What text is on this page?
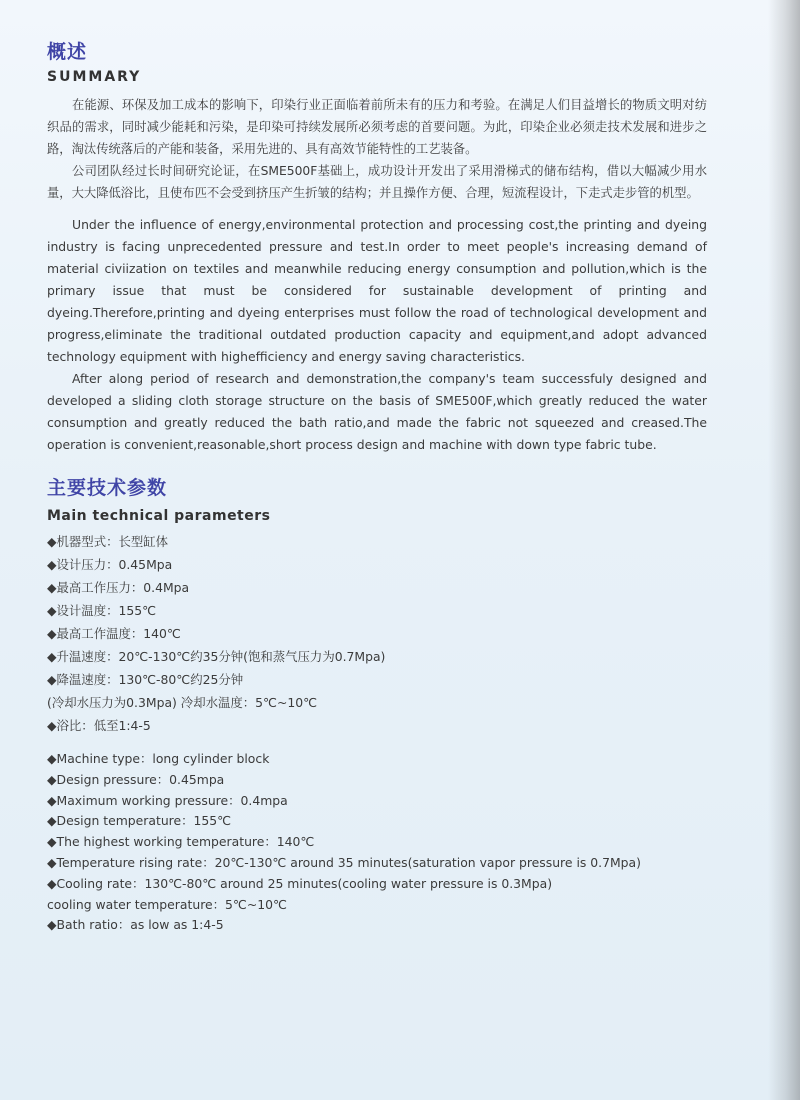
概述
SUMMARY

在能源、环保及加工成本的影响下，印染行业正面临着前所未有的压力和考验。在满足人们目益增长的物质文明对纺织品的需求，同时减少能耗和污染，是印染可持续发展所必须考虑的首要问题。为此，印染企业必须走技术发展和进步之路，淘汰传统落后的产能和装备，采用先进的、具有高效节能特性的工艺装备。

公司团队经过长时间研究论证，在SME500F基础上，成功设计开发出了采用滑梯式的储布结构，借以大幅减少用水量，大大降低浴比，且使布匹不会受到挤压产生折皱的结构；并且操作方便、合理，短流程设计，下走式走步管的机型。

Under the influence of energy,environmental protection and processing cost,the printing and dyeing industry is facing unprecedented pressure and test.In order to meet people's increasing demand of material civiization on textiles and meanwhile reducing energy consumption and pollution,which is the primary issue that must be considered for sustainable development of printing and dyeing.Therefore,printing and dyeing enterprises must follow the road of technological development and progress,eliminate the traditional outdated production capacity and equipment,and adopt advanced technology equipment with highefficiency and energy saving characteristics.

After along period of research and demonstration,the company's team successfuly designed and developed a sliding cloth storage structure on the basis of SME500F,which greatly reduced the water consumption and greatly reduced the bath ratio,and made the fabric not squeezed and creased.The operation is convenient,reasonable,short process design and machine with down type fabric tube.

主要技术参数
Main technical parameters
◆机器型式：长型缸体
◆设计压力：0.45Mpa
◆最高工作压力：0.4Mpa
◆设计温度：155℃
◆最高工作温度：140℃
◆升温速度：20℃-130℃约35分钟(饱和蒸气压力为0.7Mpa)
◆降温速度：130℃-80℃约25分钟
(冷却水压力为0.3Mpa) 冷却水温度：5℃~10℃
◆浴比：低至1:4-5
◆Machine type：long cylinder block
◆Design pressure：0.45mpa
◆Maximum working pressure：0.4mpa
◆Design temperature：155℃
◆The highest working temperature：140℃
◆Temperature rising rate：20℃-130℃ around 35 minutes(saturation vapor pressure is 0.7Mpa)
◆Cooling rate：130℃-80℃ around 25 minutes(cooling water pressure is 0.3Mpa)
cooling water temperature：5℃~10℃
◆Bath ratio：as low as 1:4-5
